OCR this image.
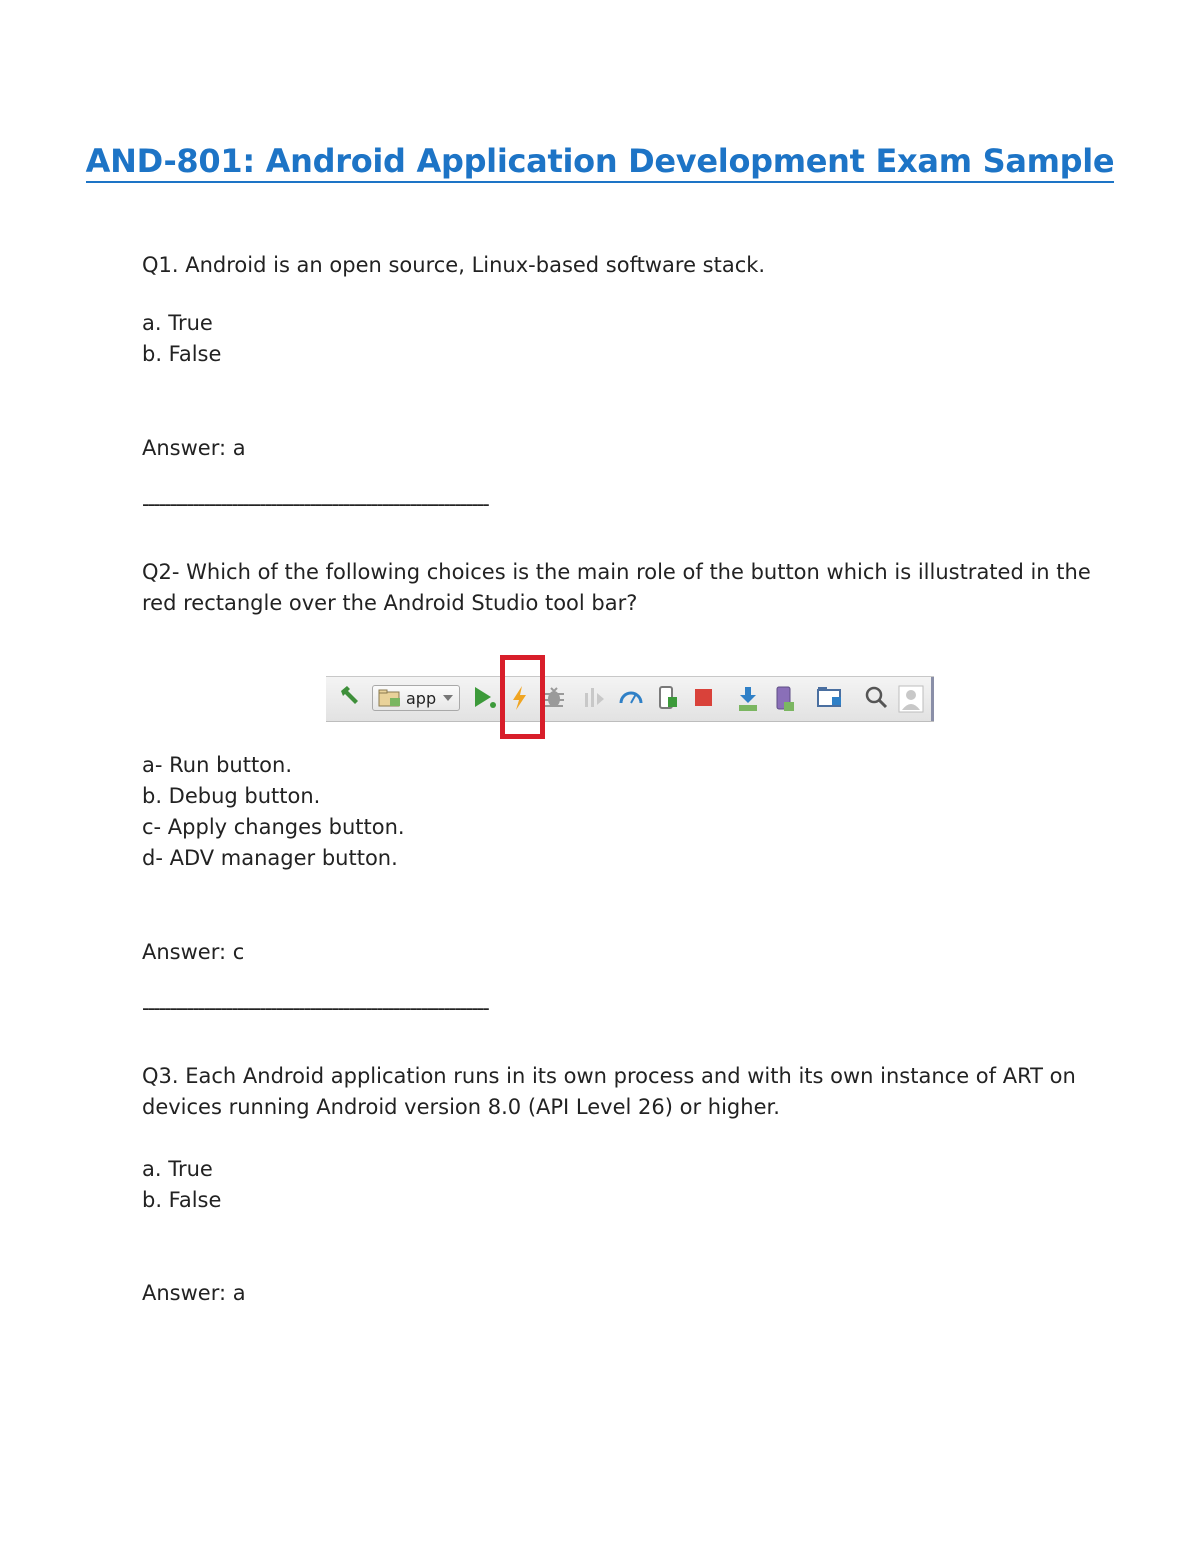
AND-801: Android Application Development Exam Sample
Q1. Android is an open source, Linux-based software stack.
a. True
b. False
Answer: a
--------------------------------------------------------------
Q2- Which of the following choices is the main role of the button which is illustrated in the red rectangle over the Android Studio tool bar?
app
a- Run button.
b. Debug button.
c- Apply changes button.
d- ADV manager button.
Answer: c
--------------------------------------------------------------
Q3. Each Android application runs in its own process and with its own instance of ART on devices running Android version 8.0 (API Level 26) or higher.
a. True
b. False
Answer: a
